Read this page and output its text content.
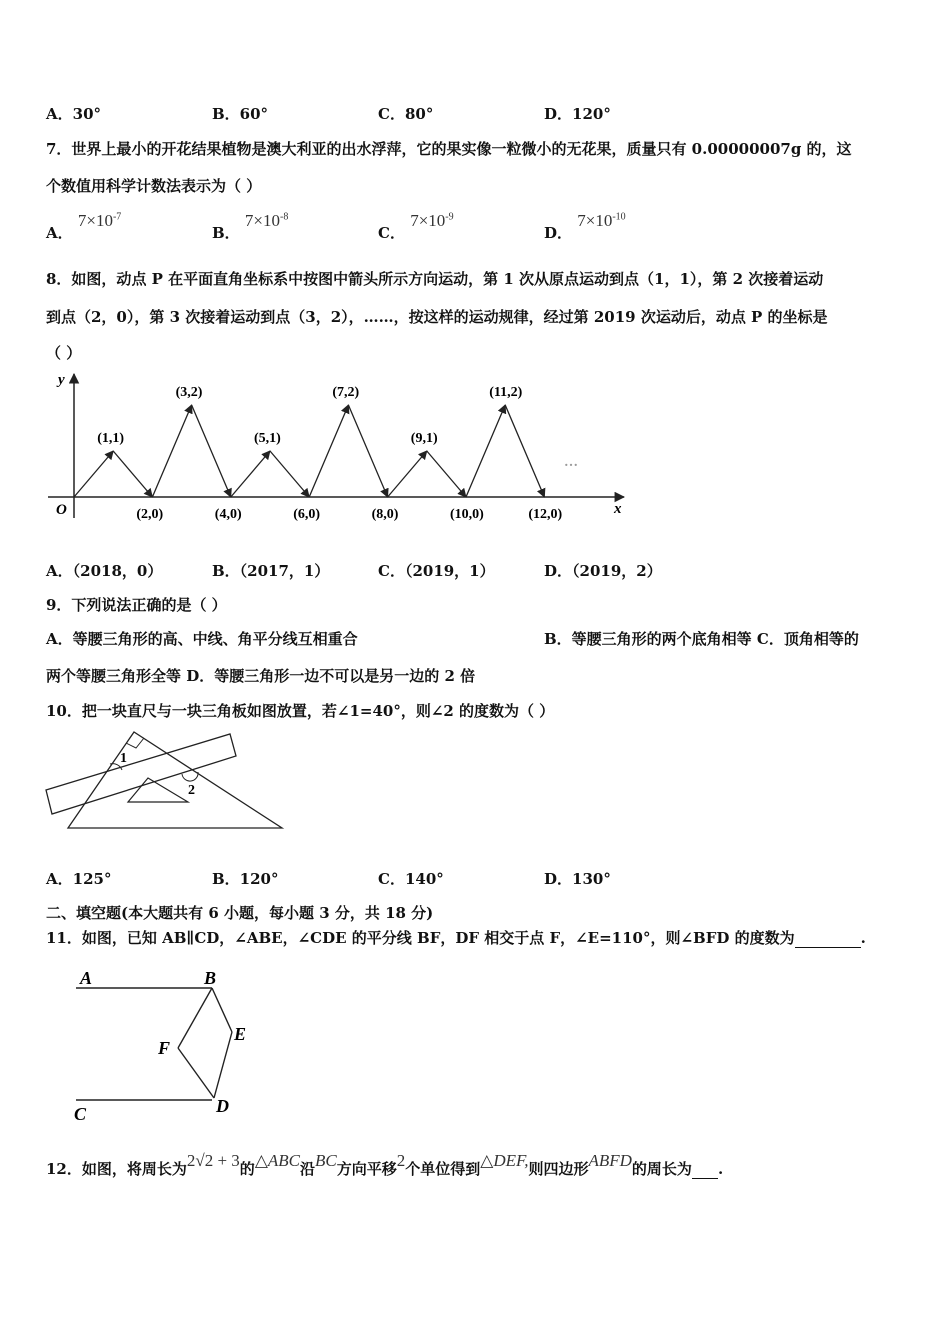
A．30°	B．60°	C．80°	D．120°
7．世界上最小的开花结果植物是澳大利亚的出水浮萍，它的果实像一粒微小的无花果，质量只有 0.00000007g 的，这
个数值用科学计数法表示为（ ）
A． $7\times 10^{-7}$
B． $7\times 10^{-8}$
C． $7\times 10^{-9}$
D． $7\times 10^{-10}$
8．如图，动点 P 在平面直角坐标系中按图中箭头所示方向运动，第 1 次从原点运动到点（1，1），第 2 次接着运动
到点（2，0），第 3 次接着运动到点（3，2），……，按这样的运动规律，经过第 2019 次运动后，动点 P 的坐标是
（ ）
y
x
O
(1,1)
(2,0)
(3,2)
(4,0)
(5,1)
(6,0)
(7,2)
(8,0)
(9,1)
(10,0)
(11,2)
(12,0)
…
A．（2018，0）	B．（2017，1）	C．（2019，1）	D．（2019，2）
9．下列说法正确的是（ ）
A．等腰三角形的高、中线、角平分线互相重合	B．等腰三角形的两个底角相等 C．顶角相等的
两个等腰三角形全等 D．等腰三角形一边不可以是另一边的 2 倍
10．把一块直尺与一块三角板如图放置，若∠1=40°，则∠2 的度数为（ ）
1
2
A．125°	B．120°	C．140°	D．130°
二、填空题(本大题共有 6 小题，每小题 3 分，共 18 分)
11．如图，已知 AB∥CD，∠ABE，∠CDE 的平分线 BF，DF 相交于点 F，∠E=110°，则∠BFD 的度数为	.
A	B
C	D
E
F
12．如图，将周长为2√2 + 3的△ABC沿BC方向平移2个单位得到△DEF,则四边形ABFD的周长为 .
